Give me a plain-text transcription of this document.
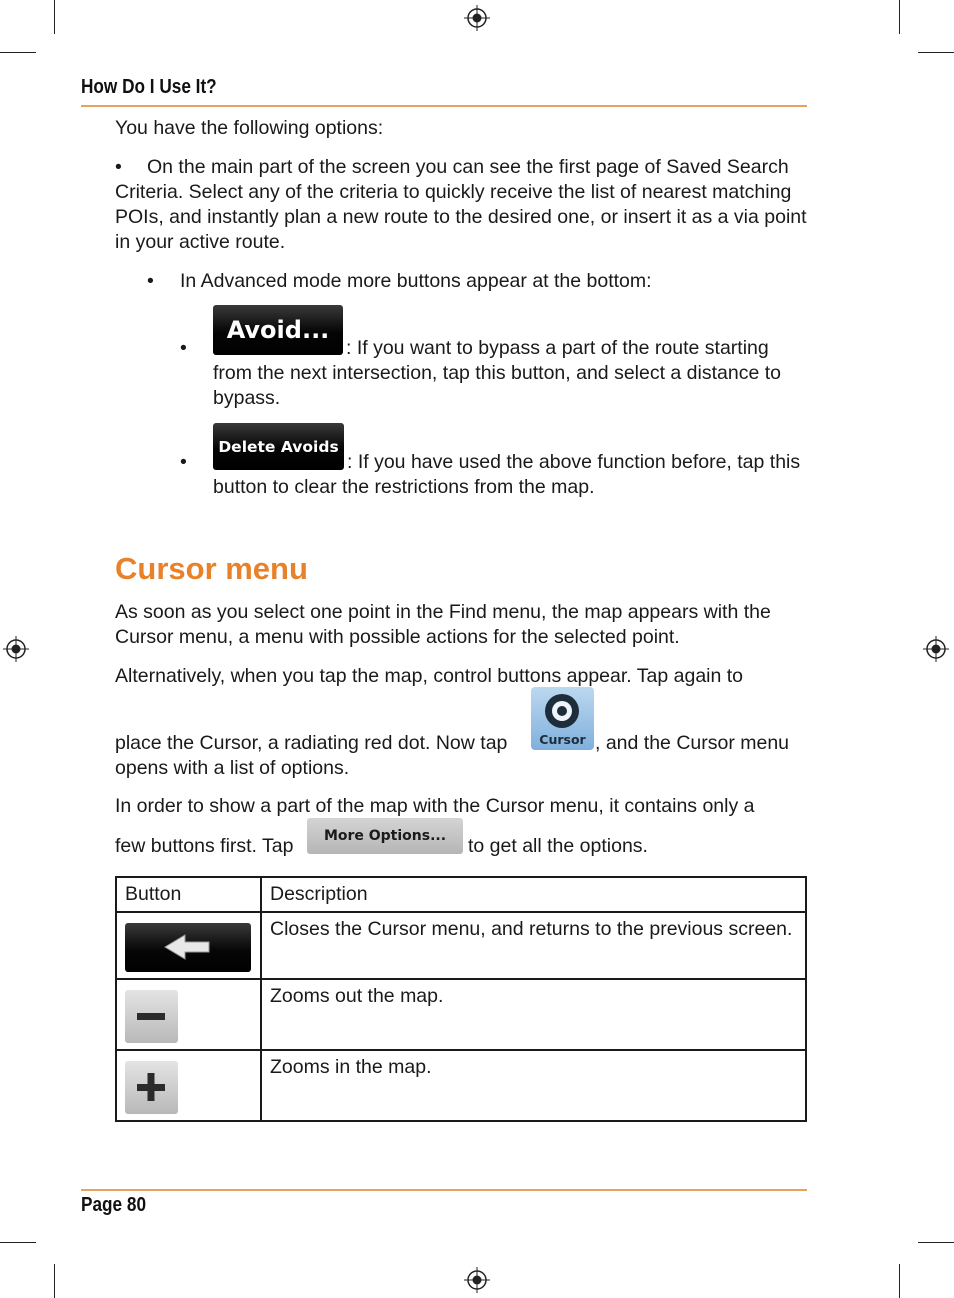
How Do I Use It?
You have the following options:
•	On the main part of the screen you can see the first page of Saved Search Criteria. Select any of the criteria to quickly receive the list of nearest matching POIs, and instantly plan a new route to the desired one, or insert it as a via point in your active route.
• In Advanced mode more buttons appear at the bottom:
•
Avoid...
: If you want to bypass a part of the route starting from the next intersection, tap this button, and select a distance to bypass.
•
Delete Avoids
: If you have used the above function before, tap this button to clear the restrictions from the map.
Cursor menu
As soon as you select one point in the Find menu, the map appears with the Cursor menu, a menu with possible actions for the selected point.
Alternatively, when you tap the map, control buttons appear. Tap again to
place the Cursor, a radiating red dot. Now tap	Cursor , and the Cursor menu
opens with a list of options.
In order to show a part of the map with the Cursor menu, it contains only a
few buttons first. Tap More Options... to get all the options.
Button	Description

	Closes the Cursor menu, and returns to the previous screen.

	Zooms out the map.

	Zooms in the map.
Page 80
